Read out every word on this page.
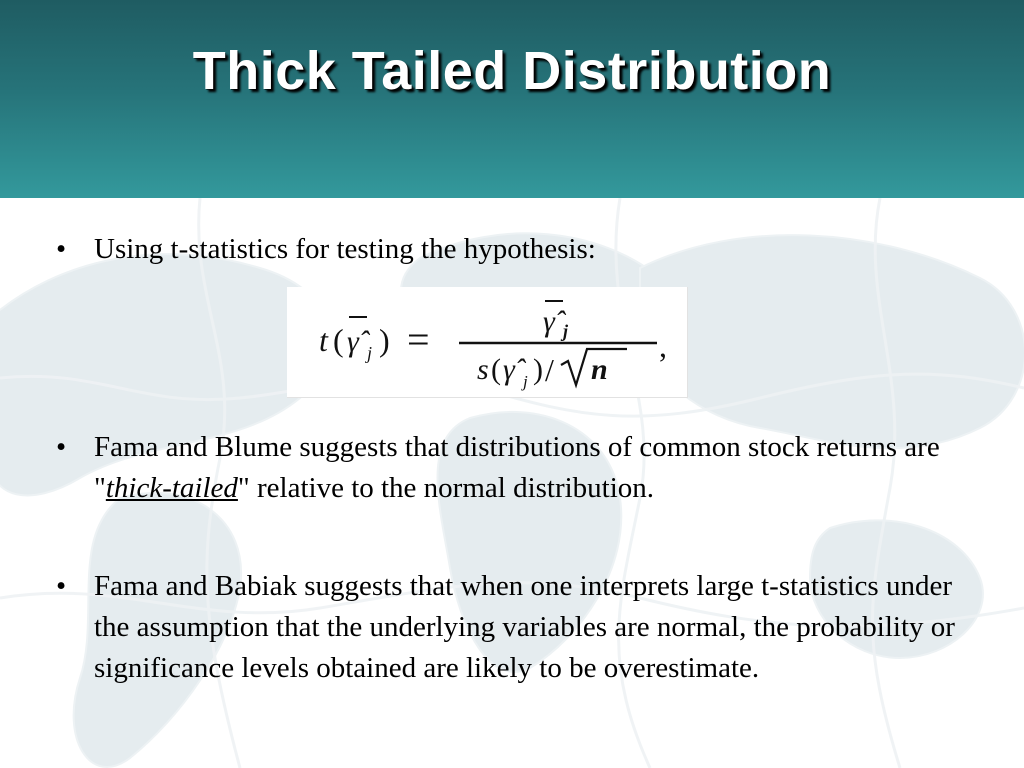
Thick Tailed Distribution
• Using t-statistics for testing the hypothesis:
t ( γ̂ j ) =	γ̂ j
s ( γ̂ j ) / n
,
• Fama and Blume suggests that distributions of common stock returns are "thick-tailed" relative to the normal distribution.
• Fama and Babiak suggests that when one interprets large t-statistics under the assumption that the underlying variables are normal, the probability or significance levels obtained are likely to be overestimate.
